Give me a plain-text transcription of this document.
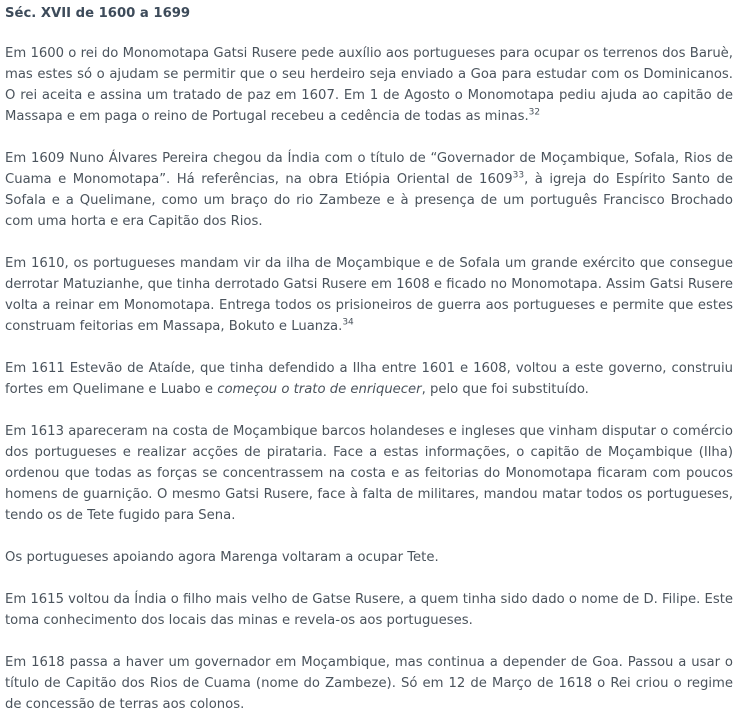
Séc. XVII de 1600 a 1699

Em 1600 o rei do Monomotapa Gatsi Rusere pede auxílio aos portugueses para ocupar os terrenos dos Baruè, mas estes só o ajudam se permitir que o seu herdeiro seja enviado a Goa para estudar com os Dominicanos. O rei aceita e assina um tratado de paz em 1607. Em 1 de Agosto o Monomotapa pediu ajuda ao capitão de Massapa e em paga o reino de Portugal recebeu a cedência de todas as minas.$^{32}$

Em 1609 Nuno Álvares Pereira chegou da Índia com o título de “Governador de Moçambique, Sofala, Rios de Cuama e Monomotapa”. Há referências, na obra Etiópia Oriental de 1609$^{33}$, à igreja do Espírito Santo de Sofala e a Quelimane, como um braço do rio Zambeze e à presença de um português Francisco Brochado com uma horta e era Capitão dos Rios.

Em 1610, os portugueses mandam vir da ilha de Moçambique e de Sofala um grande exército que consegue derrotar Matuzianhe, que tinha derrotado Gatsi Rusere em 1608 e ficado no Monomotapa. Assim Gatsi Rusere volta a reinar em Monomotapa. Entrega todos os prisioneiros de guerra aos portugueses e permite que estes construam feitorias em Massapa, Bokuto e Luanza.$^{34}$

Em 1611 Estevão de Ataíde, que tinha defendido a Ilha entre 1601 e 1608, voltou a este governo, construiu fortes em Quelimane e Luabo e começou o trato de enriquecer, pelo que foi substituído.

Em 1613 apareceram na costa de Moçambique barcos holandeses e ingleses que vinham disputar o comércio dos portugueses e realizar acções de pirataria. Face a estas informações, o capitão de Moçambique (Ilha) ordenou que todas as forças se concentrassem na costa e as feitorias do Monomotapa ficaram com poucos homens de guarnição. O mesmo Gatsi Rusere, face à falta de militares, mandou matar todos os portugueses, tendo os de Tete fugido para Sena.

Os portugueses apoiando agora Marenga voltaram a ocupar Tete.

Em 1615 voltou da Índia o filho mais velho de Gatse Rusere, a quem tinha sido dado o nome de D. Filipe. Este toma conhecimento dos locais das minas e revela-os aos portugueses.

Em 1618 passa a haver um governador em Moçambique, mas continua a depender de Goa. Passou a usar o título de Capitão dos Rios de Cuama (nome do Zambeze). Só em 12 de Março de 1618 o Rei criou o regime de concessão de terras aos colonos.
